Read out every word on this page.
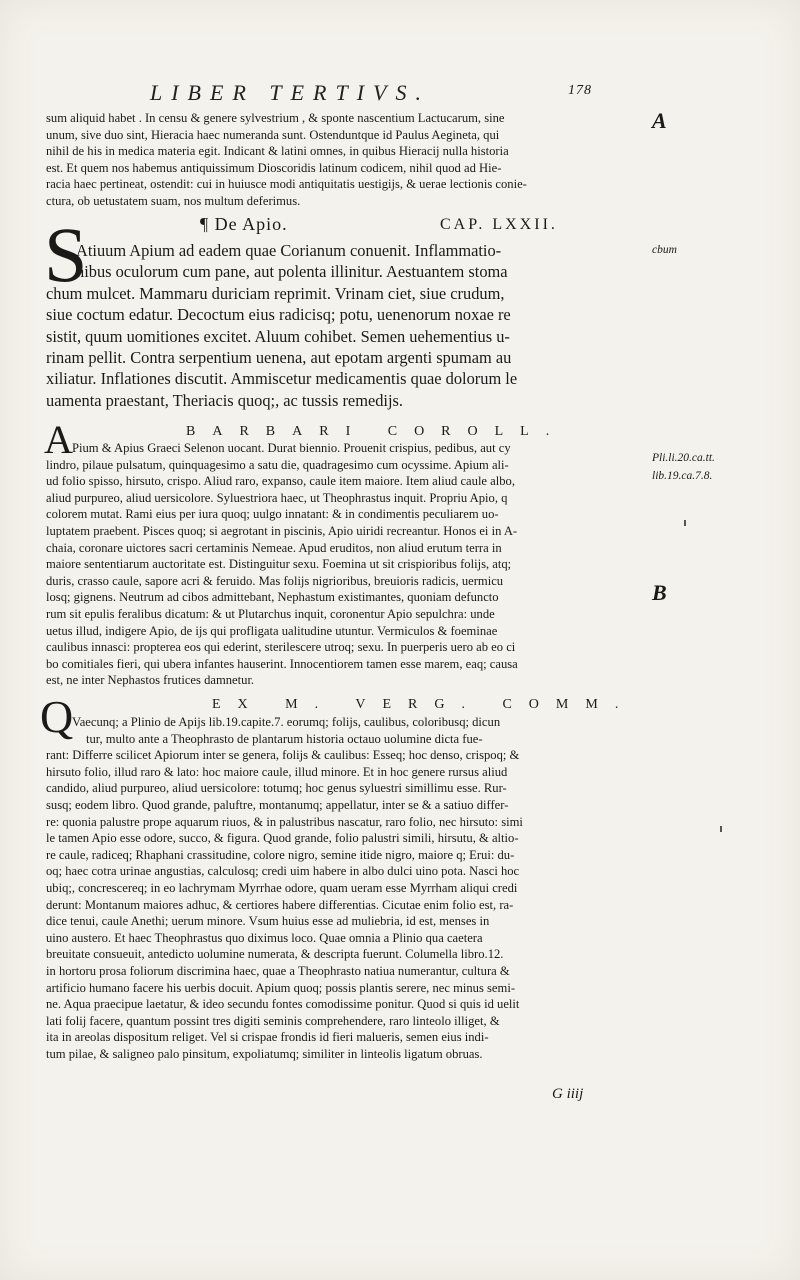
LIBER TERTIVS.	178
sum aliquid habet . In censu & genere sylvestrium , & sponte nascentium Lactucarum, sine
unum, sive duo sint, Hieracia haec numeranda sunt. Ostenduntque id Paulus Aegineta, qui
nihil de his in medica materia egit. Indicant & latini omnes, in quibus Hieracij nulla historia
est. Et quem nos habemus antiquissimum Dioscoridis latinum codicem, nihil quod ad Hie-
racia haec pertineat, ostendit: cui in huiusce modi antiquitatis uestigijs, & uerae lectionis conie-
ctura, ob uetustatem suam, nos multum deferimus.
¶ De Apio.	CAP. LXXII.
S
Atiuum Apium ad eadem quae Corianum conuenit. Inflammatio-
nibus oculorum cum pane, aut polenta illinitur. Aestuantem stoma
chum mulcet. Mammaru duriciam reprimit. Vrinam ciet, siue crudum,
siue coctum edatur. Decoctum eius radicisq; potu, uenenorum noxae re
sistit, quum uomitiones excitet. Aluum cohibet. Semen uehementius u-
rinam pellit. Contra serpentium uenena, aut epotam argenti spumam au
xiliatur. Inflationes discutit. Ammiscetur medicamentis quae dolorum le
uamenta praestant, Theriacis quoq;, ac tussis remedijs.
A	BARBARI COROLL.
Pium & Apius Graeci Selenon uocant. Durat biennio. Prouenit crispius, pedibus, aut cy
lindro, pilaue pulsatum, quinquagesimo a satu die, quadragesimo cum ocyssime. Apium ali-
ud folio spisso, hirsuto, crispo. Aliud raro, expanso, caule item maiore. Item aliud caule albo,
aliud purpureo, aliud uersicolore. Syluestriora haec, ut Theophrastus inquit. Propriu Apio, q
colorem mutat. Rami eius per iura quoq; uulgo innatant: & in condimentis peculiarem uo-
luptatem praebent. Pisces quoq; si aegrotant in piscinis, Apio uiridi recreantur. Honos ei in A-
chaia, coronare uictores sacri certaminis Nemeae. Apud eruditos, non aliud erutum terra in
maiore sententiarum auctoritate est. Distinguitur sexu. Foemina ut sit crispioribus folijs, atq;
duris, crasso caule, sapore acri & feruido. Mas folijs nigrioribus, breuioris radicis, uermicu
losq; gignens. Neutrum ad cibos admittebant, Nephastum existimantes, quoniam defuncto
rum sit epulis feralibus dicatum: & ut Plutarchus inquit, coronentur Apio sepulchra: unde
uetus illud, indigere Apio, de ijs qui profligata ualitudine utuntur. Vermiculos & foeminae
caulibus innasci: propterea eos qui ederint, sterilescere utroq; sexu. In puerperis uero ab eo ci
bo comitiales fieri, qui ubera infantes hauserint. Innocentiorem tamen esse marem, eaq; causa
est, ne inter Nephastos frutices damnetur.
Q	EX M. VERG. COMM.
Vaecunq; a Plinio de Apijs lib.19.capite.7. eorumq; folijs, caulibus, coloribusq; dicun
tur, multo ante a Theophrasto de plantarum historia octauo uolumine dicta fue-
rant: Differre scilicet Apiorum inter se genera, folijs & caulibus: Esseq; hoc denso, crispoq; &
hirsuto folio, illud raro & lato: hoc maiore caule, illud minore. Et in hoc genere rursus aliud
candido, aliud purpureo, aliud uersicolore: totumq; hoc genus syluestri simillimu esse. Rur-
susq; eodem libro. Quod grande, paluftre, montanumq; appellatur, inter se & a satiuo differ-
re: quonia palustre prope aquarum riuos, & in palustribus nascatur, raro folio, nec hirsuto: simi
le tamen Apio esse odore, succo, & figura. Quod grande, folio palustri simili, hirsutu, & altio-
re caule, radiceq; Rhaphani crassitudine, colore nigro, semine itide nigro, maiore q; Erui: du-
oq; haec cotra urinae angustias, calculosq; credi uim habere in albo dulci uino pota. Nasci hoc
ubiq;, concrescereq; in eo lachrymam Myrrhae odore, quam ueram esse Myrrham aliqui credi
derunt: Montanum maiores adhuc, & certiores habere differentias. Cicutae enim folio est, ra-
dice tenui, caule Anethi; uerum minore. Vsum huius esse ad muliebria, id est, menses in
uino austero. Et haec Theophrastus quo diximus loco. Quae omnia a Plinio qua caetera
breuitate consueuit, antedicto uolumine numerata, & descripta fuerunt. Columella libro.12.
in hortoru prosa foliorum discrimina haec, quae a Theophrasto natiua numerantur, cultura &
artificio humano facere his uerbis docuit. Apium quoq; possis plantis serere, nec minus semi-
ne. Aqua praecipue laetatur, & ideo secundu fontes comodissime ponitur. Quod si quis id uelit
lati folij facere, quantum possint tres digiti seminis comprehendere, raro linteolo illiget, &
ita in areolas dispositum religet. Vel si crispae frondis id fieri malueris, semen eius indi-
tum pilae, & saligneo palo pinsitum, expoliatumq; similiter in linteolis ligatum obruas.
G iiij
A
cbum
Pli.li.20.ca.tt.
lib.19.ca.7.8.
B
